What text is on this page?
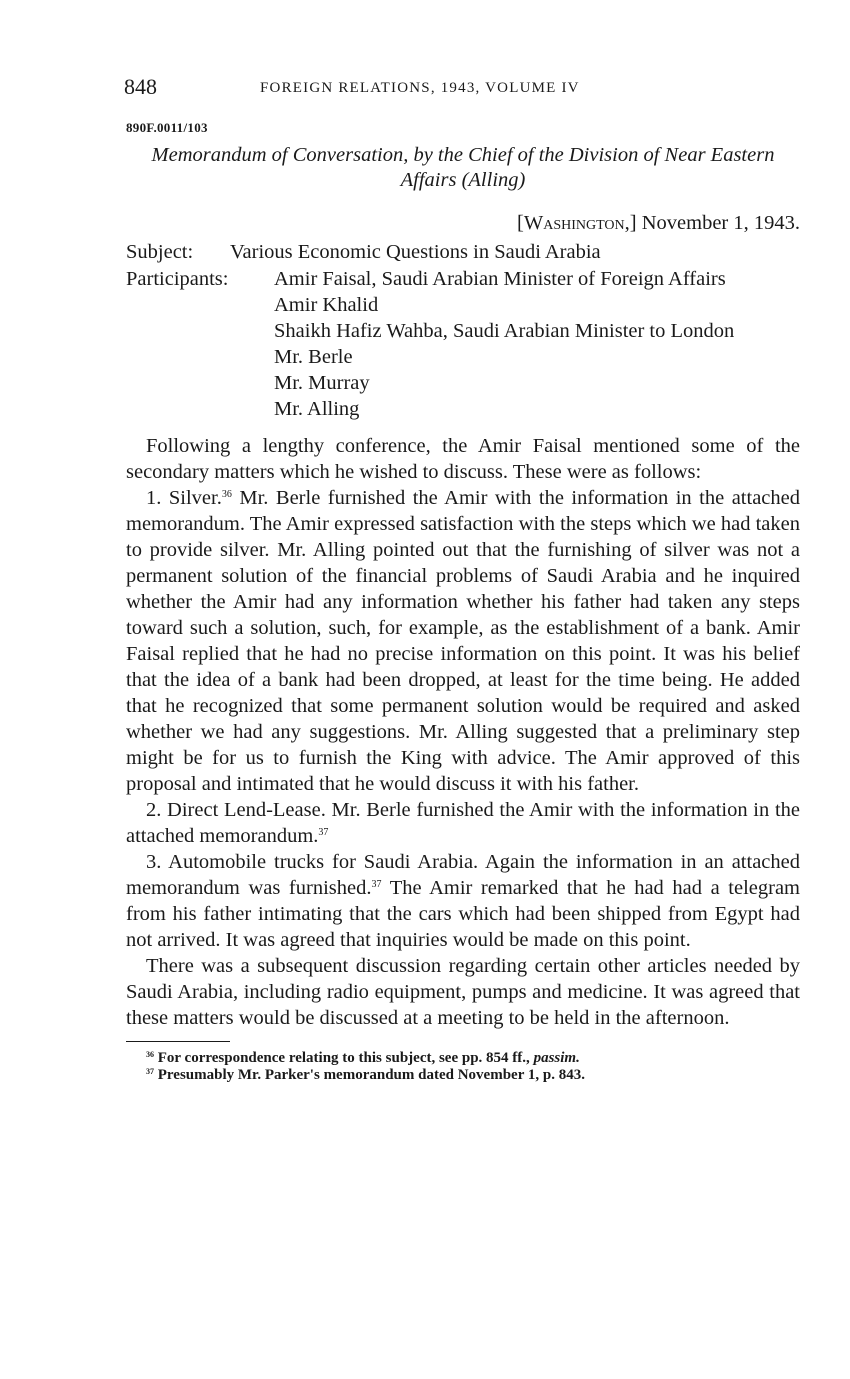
848	FOREIGN RELATIONS, 1943, VOLUME IV
890F.0011/103
Memorandum of Conversation, by the Chief of the Division of Near Eastern Affairs (Alling)
[Washington,] November 1, 1943.
Subject: Various Economic Questions in Saudi Arabia
Participants: Amir Faisal, Saudi Arabian Minister of Foreign Affairs
Amir Khalid
Shaikh Hafiz Wahba, Saudi Arabian Minister to London
Mr. Berle
Mr. Murray
Mr. Alling

Following a lengthy conference, the Amir Faisal mentioned some of the secondary matters which he wished to discuss. These were as follows:

1. Silver.$^{36}$ Mr. Berle furnished the Amir with the information in the attached memorandum. The Amir expressed satisfaction with the steps which we had taken to provide silver. Mr. Alling pointed out that the furnishing of silver was not a permanent solution of the financial problems of Saudi Arabia and he inquired whether the Amir had any information whether his father had taken any steps toward such a solution, such, for example, as the establishment of a bank. Amir Faisal replied that he had no precise information on this point. It was his belief that the idea of a bank had been dropped, at least for the time being. He added that he recognized that some permanent solution would be required and asked whether we had any suggestions. Mr. Alling suggested that a preliminary step might be for us to furnish the King with advice. The Amir approved of this proposal and intimated that he would discuss it with his father.

2. Direct Lend-Lease. Mr. Berle furnished the Amir with the information in the attached memorandum.$^{37}$

3. Automobile trucks for Saudi Arabia. Again the information in an attached memorandum was furnished.$^{37}$ The Amir remarked that he had had a telegram from his father intimating that the cars which had been shipped from Egypt had not arrived. It was agreed that inquiries would be made on this point.

There was a subsequent discussion regarding certain other articles needed by Saudi Arabia, including radio equipment, pumps and medicine. It was agreed that these matters would be discussed at a meeting to be held in the afternoon.

$^{36}$ For correspondence relating to this subject, see pp. 854 ff., passim.
$^{37}$ Presumably Mr. Parker's memorandum dated November 1, p. 843.
